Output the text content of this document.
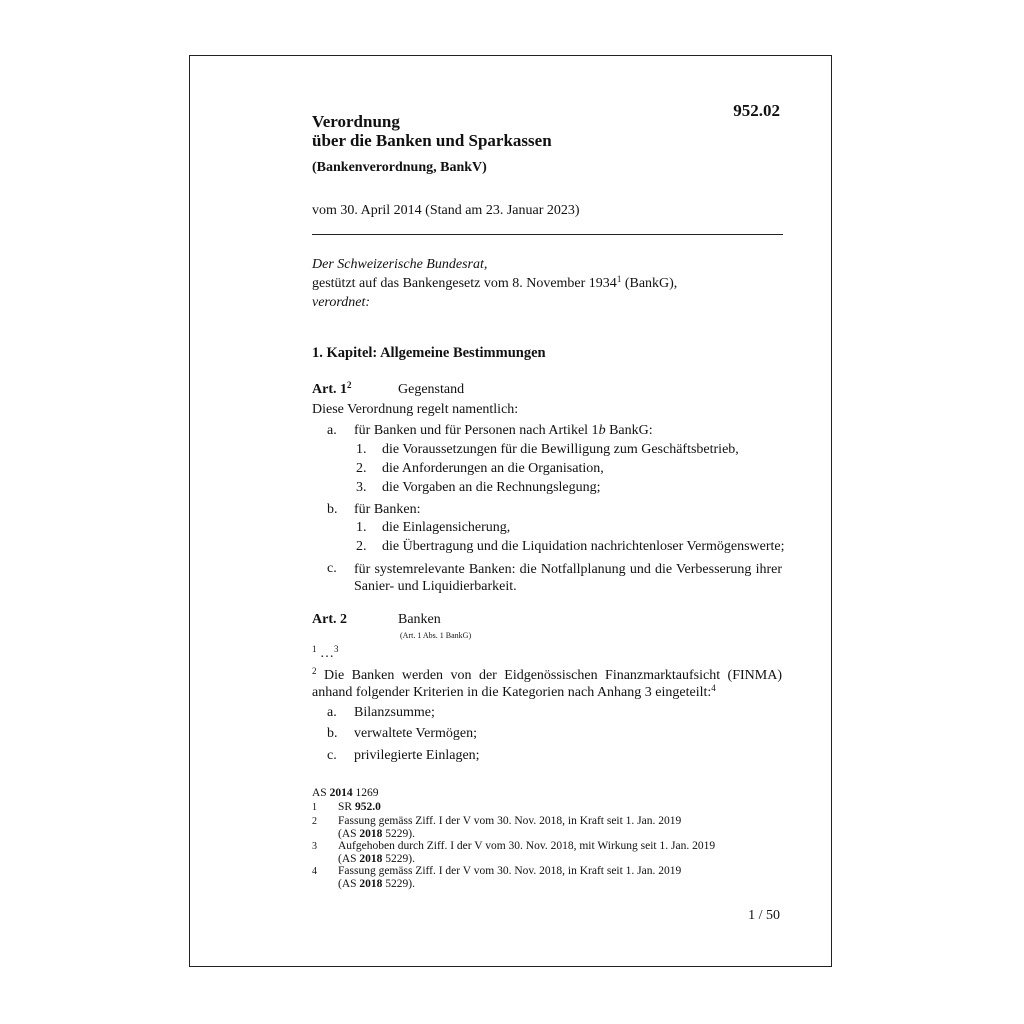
Verordnung
über die Banken und Sparkassen
952.02
(Bankenverordnung, BankV)
vom 30. April 2014 (Stand am 23. Januar 2023)
Der Schweizerische Bundesrat,
gestützt auf das Bankengesetz vom 8. November 1934$^1$ (BankG),
verordnet:
1. Kapitel: Allgemeine Bestimmungen
Art. $1^2$	Gegenstand
Diese Verordnung regelt namentlich:
a. für Banken und für Personen nach Artikel 1b BankG:
1. die Voraussetzungen für die Bewilligung zum Geschäftsbetrieb,
2. die Anforderungen an die Organisation,
3. die Vorgaben an die Rechnungslegung;
b. für Banken:
1. die Einlagensicherung,
2. die Übertragung und die Liquidation nachrichtenloser Vermögenswerte;
c. für systemrelevante Banken: die Notfallplanung und die Verbesserung ihrer Sanier- und Liquidierbarkeit.
Art. 2	Banken
(Art. 1 Abs. 1 BankG)
$^1$ …$^3$
$^2$ Die Banken werden von der Eidgenössischen Finanzmarktaufsicht (FINMA) anhand folgender Kriterien in die Kategorien nach Anhang 3 eingeteilt:$^4$
a. Bilanzsumme;
b. verwaltete Vermögen;
c. privilegierte Einlagen;
AS 2014 1269
1 SR 952.0
2 Fassung gemäss Ziff. I der V vom 30. Nov. 2018, in Kraft seit 1. Jan. 2019
(AS 2018 5229).
3 Aufgehoben durch Ziff. I der V vom 30. Nov. 2018, mit Wirkung seit 1. Jan. 2019
(AS 2018 5229).
4 Fassung gemäss Ziff. I der V vom 30. Nov. 2018, in Kraft seit 1. Jan. 2019
(AS 2018 5229).
1 / 50
